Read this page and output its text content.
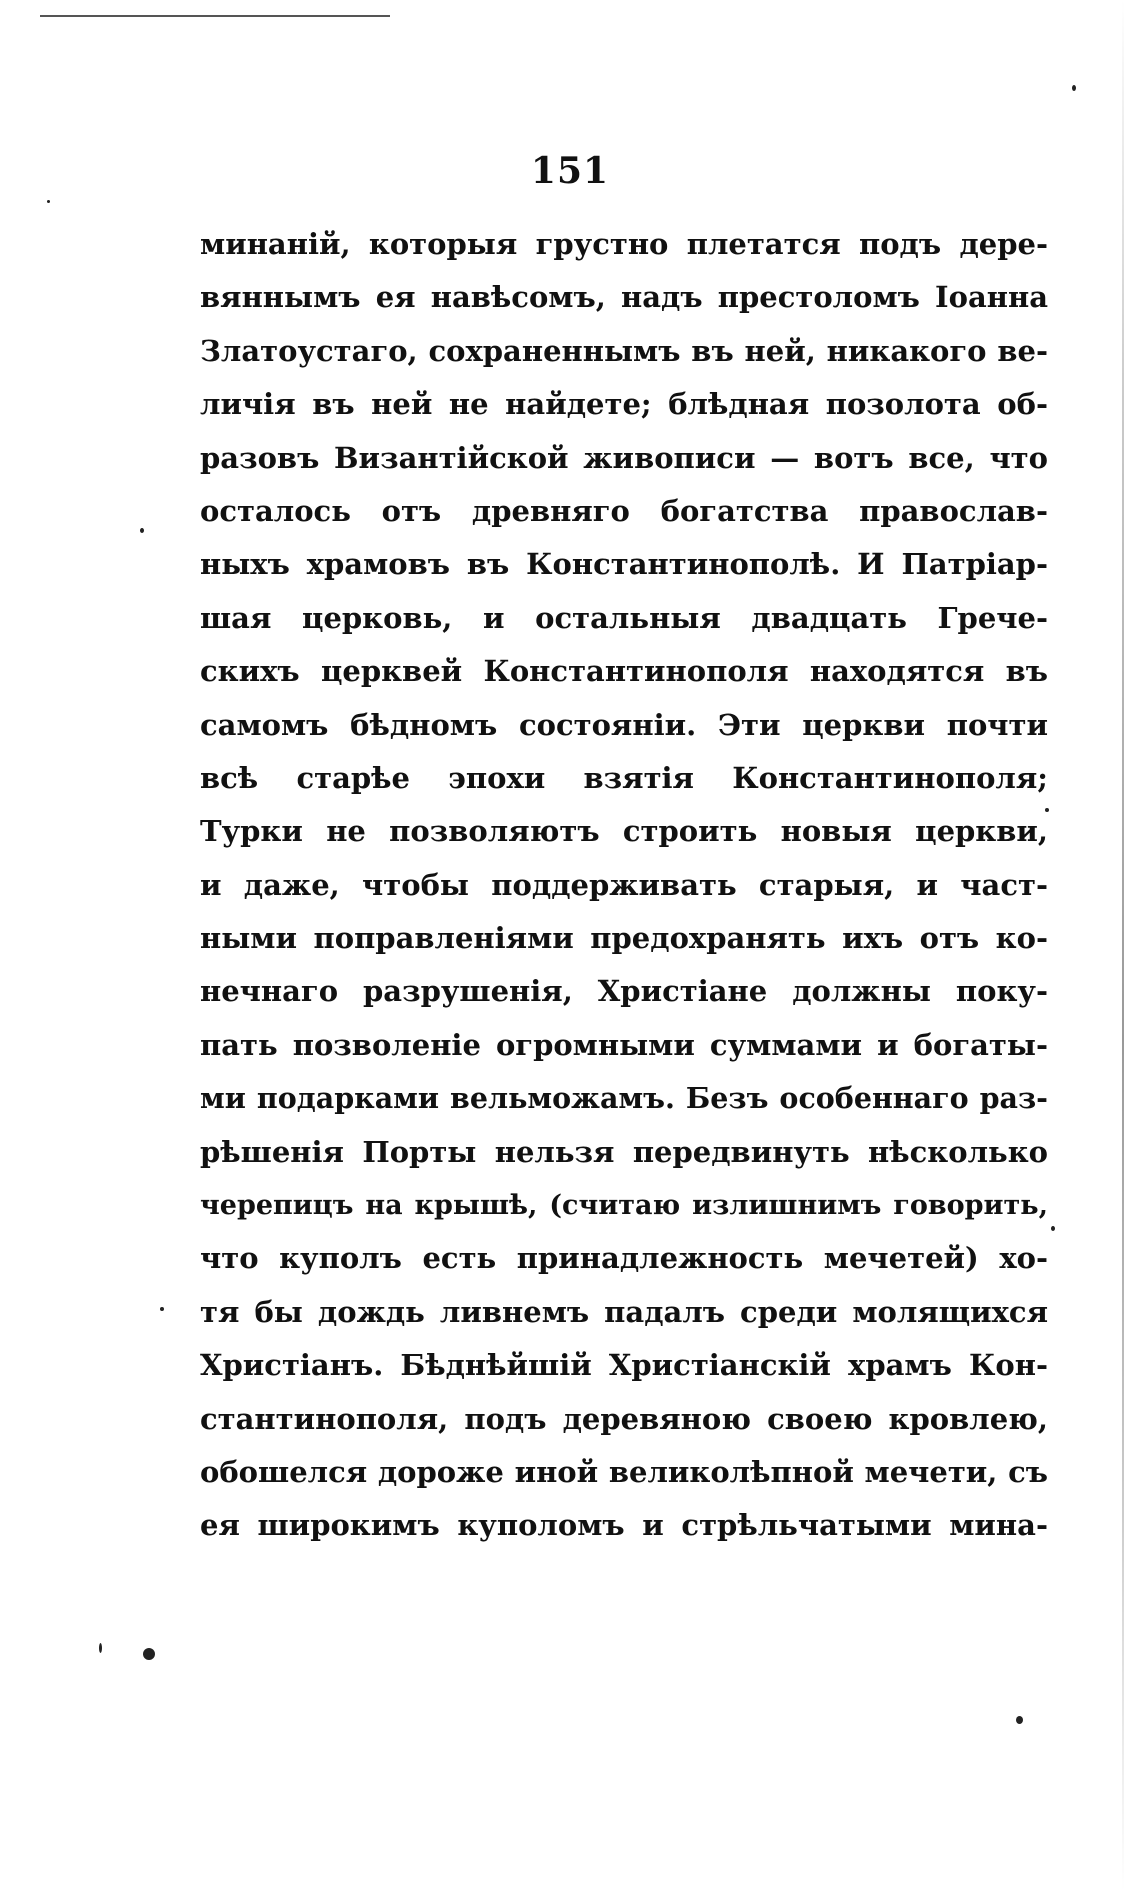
151
минаній, которыя грустно плетатся подъ дере-
вяннымъ ея навѣсомъ, надъ престоломъ Іоанна
Златоустаго, сохраненнымъ въ ней, никакого ве-
личія въ ней не найдете; блѣдная позолота об-
разовъ Византійской живописи — вотъ все, что
осталось отъ древняго богатства православ-
ныхъ храмовъ въ Константинополѣ. И Патріар-
шая церковь, и остальныя двадцать Грече-
скихъ церквей Константинополя находятся въ
самомъ бѣдномъ состояніи. Эти церкви почти
всѣ старѣе эпохи взятія Константинополя;
Турки не позволяютъ строить новыя церкви,
и даже, чтобы поддерживать старыя, и част-
ными поправленіями предохранять ихъ отъ ко-
нечнаго разрушенія, Христіане должны поку-
пать позволеніе огромными суммами и богаты-
ми подарками вельможамъ. Безъ особеннаго раз-
рѣшенія Порты нельзя передвинуть нѣсколько
черепицъ на крышѣ, (считаю излишнимъ говорить,
что куполъ есть принадлежность мечетей) хо-
тя бы дождь ливнемъ падалъ среди молящихся
Христіанъ. Бѣднѣйшій Христіанскій храмъ Кон-
стантинополя, подъ деревяною своею кровлею,
обошелся дороже иной великолѣпной мечети, съ
ея широкимъ куполомъ и стрѣльчатыми мина-
